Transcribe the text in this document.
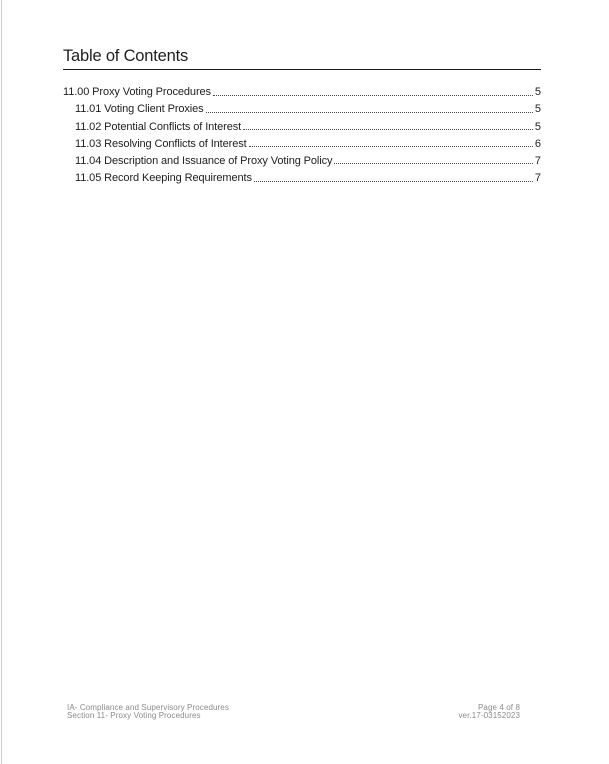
Table of Contents
11.00 Proxy Voting Procedures	5
11.01 Voting Client Proxies	5
11.02 Potential Conflicts of Interest	5
11.03 Resolving Conflicts of Interest	6
11.04 Description and Issuance of Proxy Voting Policy	7
11.05 Record Keeping Requirements	7
IA- Compliance and Supervisory Procedures
Section 11- Proxy Voting Procedures
Page 4 of 8
ver.17-03152023
